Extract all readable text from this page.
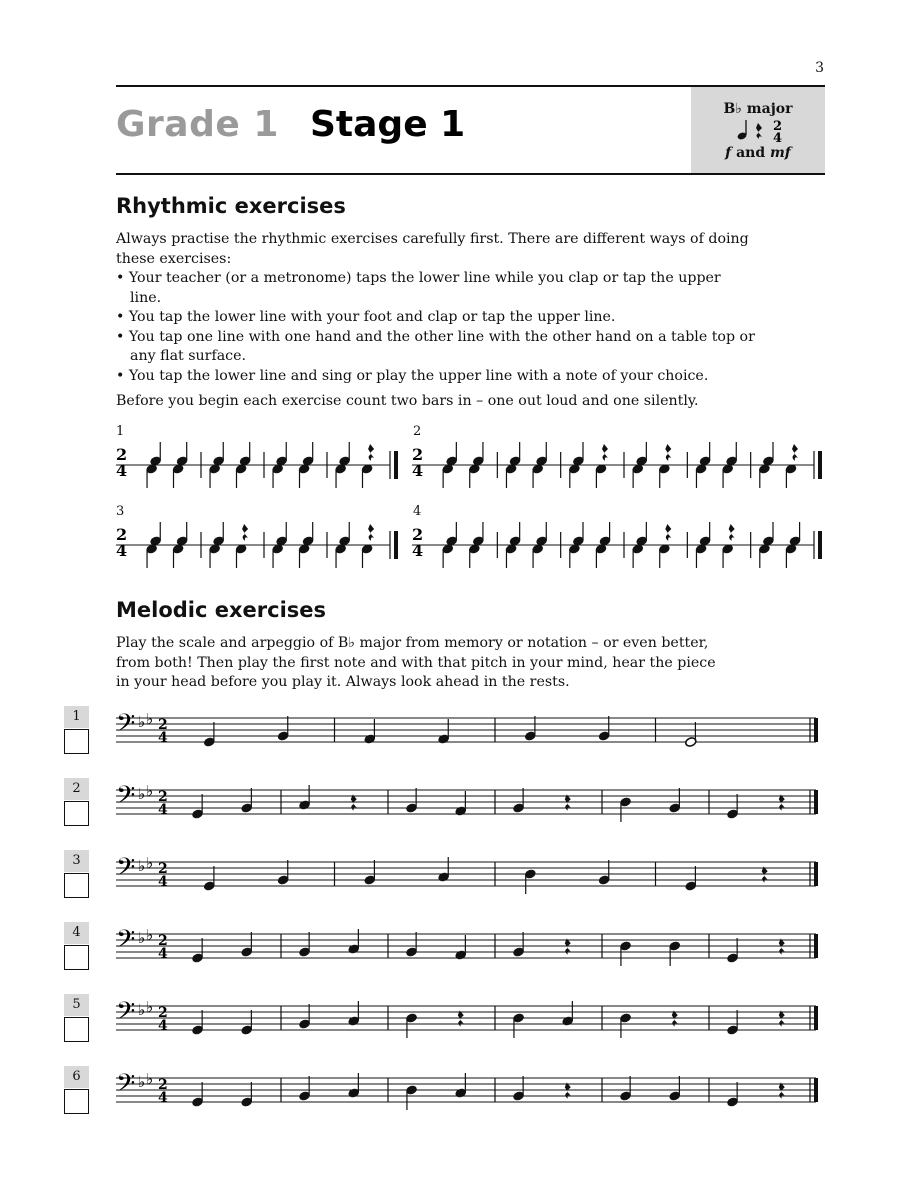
3
Grade 1 Stage 1	B♭ major
2
4
f and mf
Rhythmic exercises
Always practise the rhythmic exercises carefully first. There are different ways of doing these exercises:
• Your teacher (or a metronome) taps the lower line while you clap or tap the upper line.
• You tap the lower line with your foot and clap or tap the upper line.
• You tap one line with one hand and the other line with the other hand on a table top or any flat surface.
• You tap the lower line and sing or play the upper line with a note of your choice.
Before you begin each exercise count two bars in – one out loud and one silently.
1	2
3	4
2
4
2
4
2
4
2
4
Melodic exercises
Play the scale and arpeggio of B♭ major from memory or notation – or even better, from both! Then play the first note and with that pitch in your mind, hear the piece in your head before you play it. Always look ahead in the rests.
1
2
3
4
5
6
𝄢 ♭ ♭ 2
4
𝄢 ♭ ♭ 2
4
𝄢 ♭ ♭ 2
4
𝄢 ♭ ♭ 2
4
𝄢 ♭ ♭ 2
4
𝄢 ♭ ♭ 2
4
